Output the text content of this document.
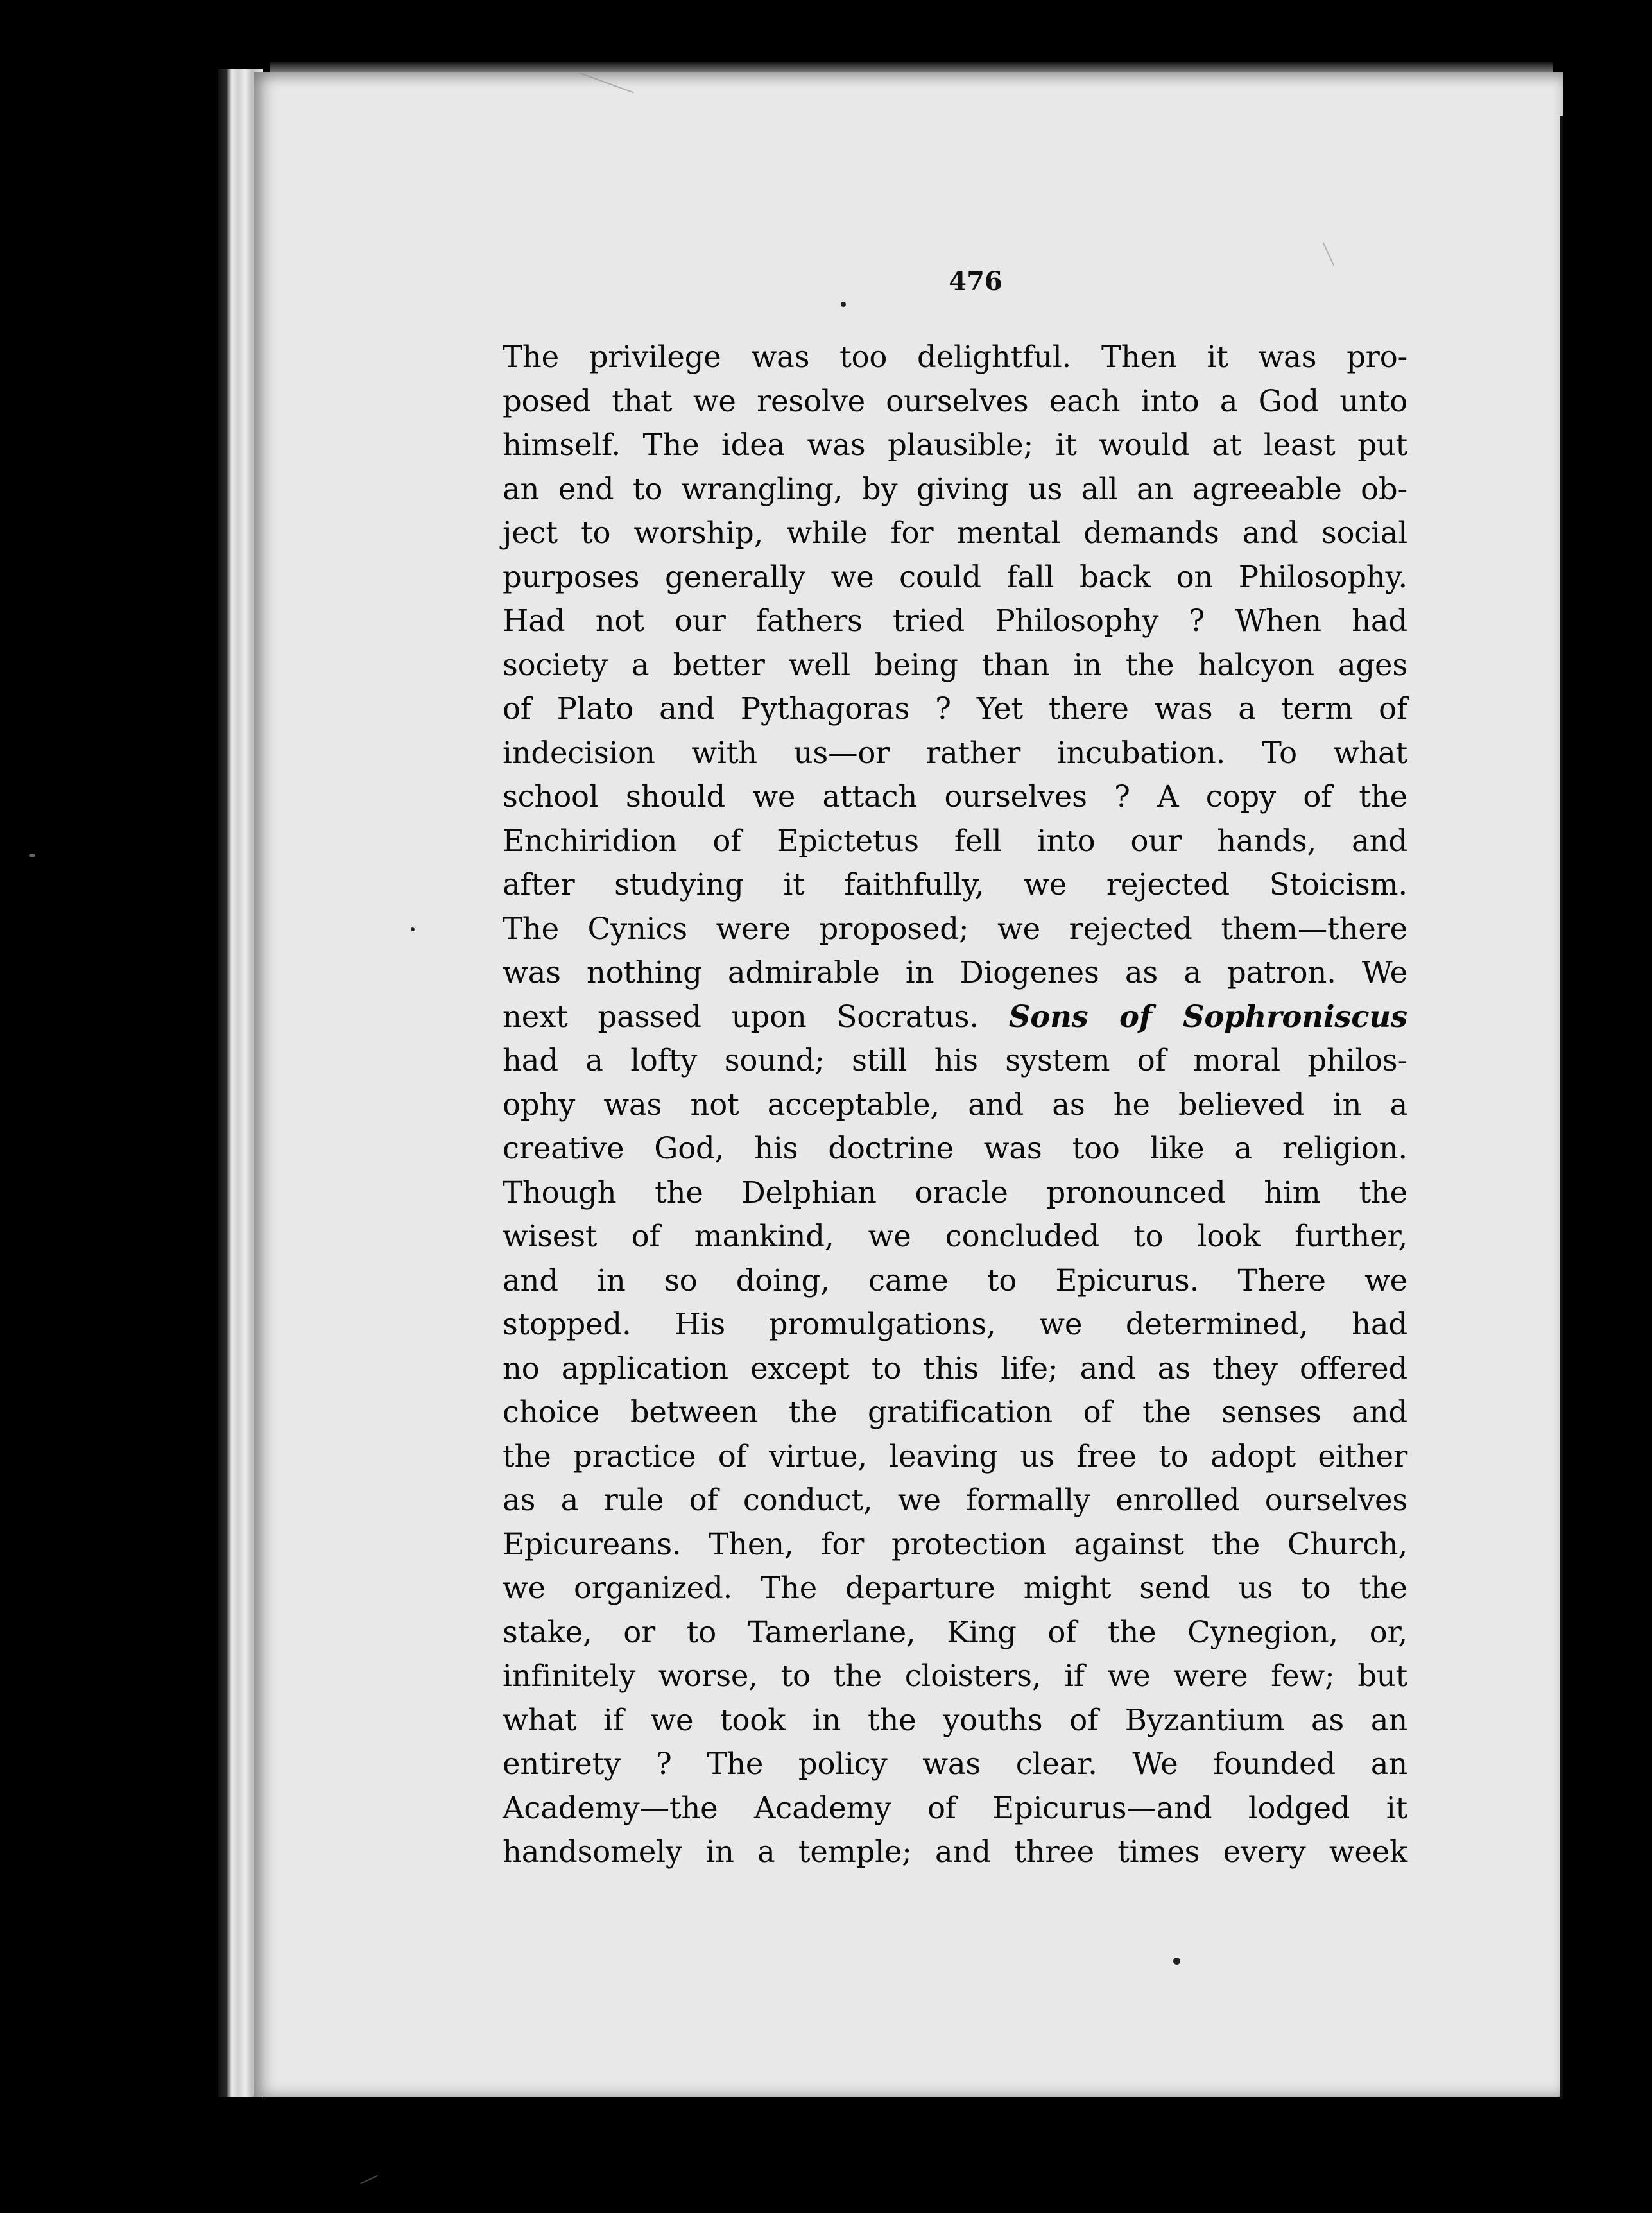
476
The privilege was too delightful. Then it was pro-
posed that we resolve ourselves each into a God unto
himself. The idea was plausible; it would at least put
an end to wrangling, by giving us all an agreeable ob-
ject to worship, while for mental demands and social
purposes generally we could fall back on Philosophy.
Had not our fathers tried Philosophy ? When had
society a better well being than in the halcyon ages
of Plato and Pythagoras ? Yet there was a term of
indecision with us—or rather incubation. To what
school should we attach ourselves ? A copy of the
Enchiridion of Epictetus fell into our hands, and
after studying it faithfully, we rejected Stoicism.
The Cynics were proposed; we rejected them—there
was nothing admirable in Diogenes as a patron. We
next passed upon Socratus. Sons of Sophroniscus
had a lofty sound; still his system of moral philos-
ophy was not acceptable, and as he believed in a
creative God, his doctrine was too like a religion.
Though the Delphian oracle pronounced him the
wisest of mankind, we concluded to look further,
and in so doing, came to Epicurus. There we
stopped. His promulgations, we determined, had
no application except to this life; and as they offered
choice between the gratification of the senses and
the practice of virtue, leaving us free to adopt either
as a rule of conduct, we formally enrolled ourselves
Epicureans. Then, for protection against the Church,
we organized. The departure might send us to the
stake, or to Tamerlane, King of the Cynegion, or,
infinitely worse, to the cloisters, if we were few; but
what if we took in the youths of Byzantium as an
entirety ? The policy was clear. We founded an
Academy—the Academy of Epicurus—and lodged it
handsomely in a temple; and three times every week
